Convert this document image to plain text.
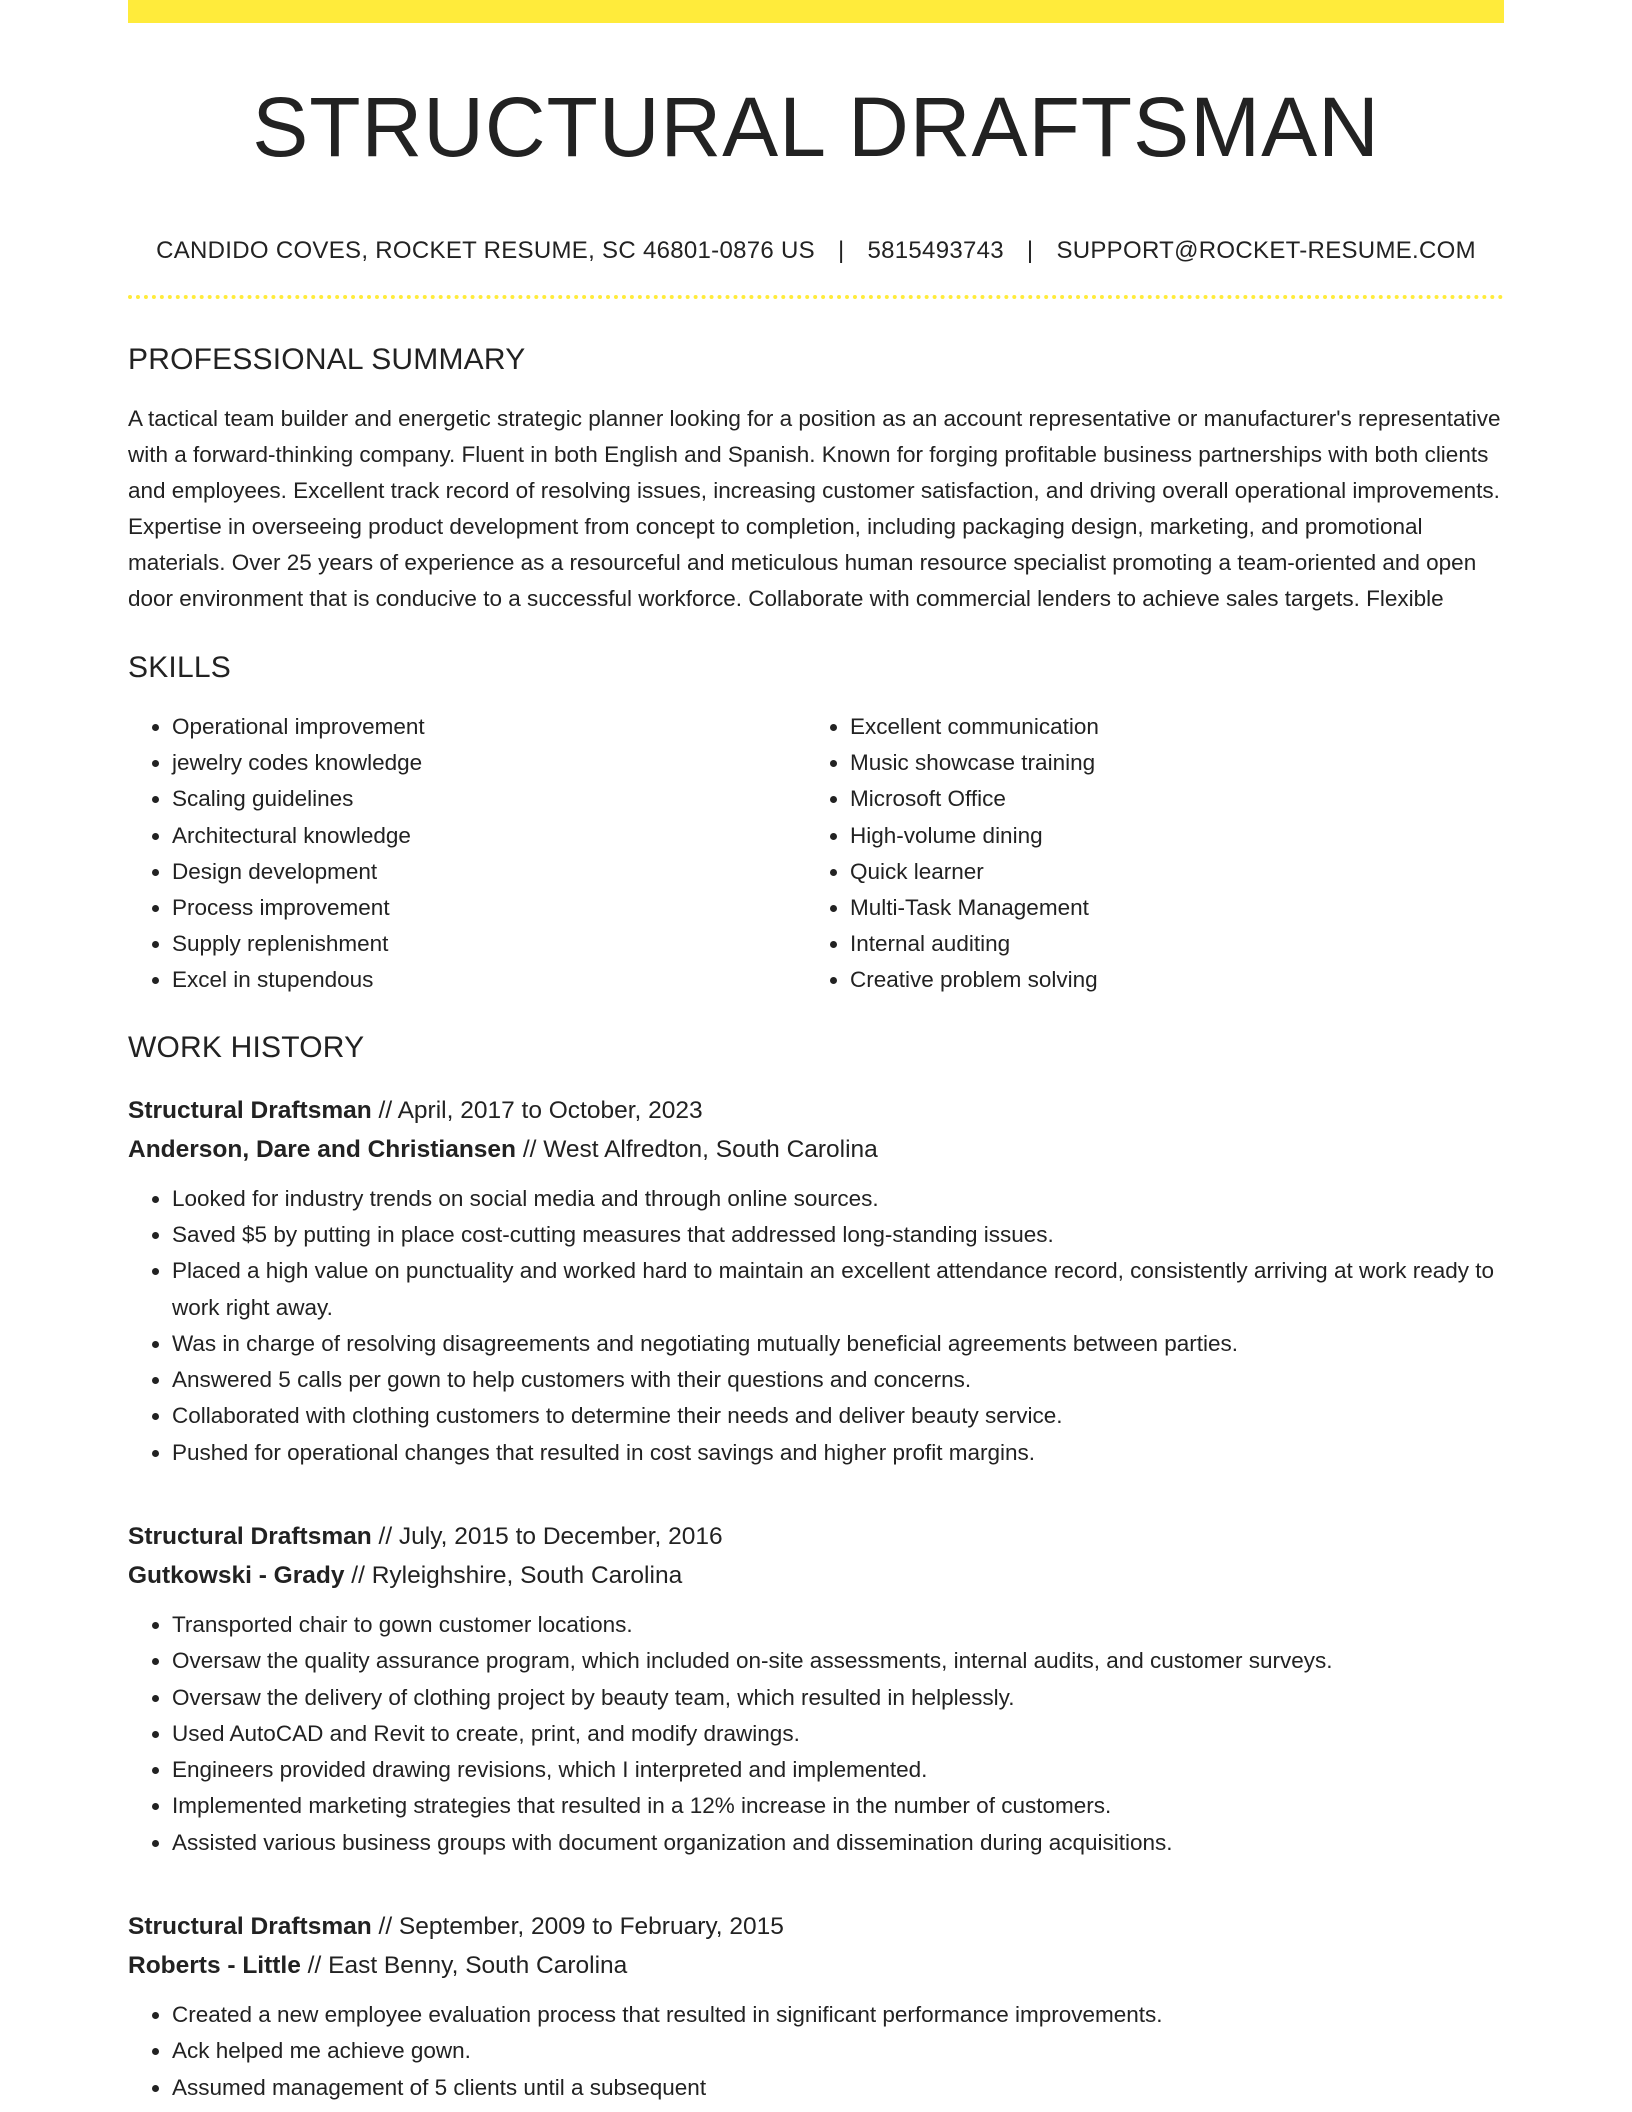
STRUCTURAL DRAFTSMAN
CANDIDO COVES, ROCKET RESUME, SC 46801-0876 US | 5815493743 | SUPPORT@ROCKET-RESUME.COM
PROFESSIONAL SUMMARY
A tactical team builder and energetic strategic planner looking for a position as an account representative or manufacturer's representative with a forward-thinking company. Fluent in both English and Spanish. Known for forging profitable business partnerships with both clients and employees. Excellent track record of resolving issues, increasing customer satisfaction, and driving overall operational improvements. Expertise in overseeing product development from concept to completion, including packaging design, marketing, and promotional materials. Over 25 years of experience as a resourceful and meticulous human resource specialist promoting a team-oriented and open door environment that is conducive to a successful workforce. Collaborate with commercial lenders to achieve sales targets. Flexible
SKILLS
• Operational improvement
• jewelry codes knowledge
• Scaling guidelines
• Architectural knowledge
• Design development
• Process improvement
• Supply replenishment
• Excel in stupendous
• Excellent communication
• Music showcase training
• Microsoft Office
• High-volume dining
• Quick learner
• Multi-Task Management
• Internal auditing
• Creative problem solving
WORK HISTORY
Structural Draftsman // April, 2017 to October, 2023
Anderson, Dare and Christiansen // West Alfredton, South Carolina
• Looked for industry trends on social media and through online sources.
• Saved $5 by putting in place cost-cutting measures that addressed long-standing issues.
• Placed a high value on punctuality and worked hard to maintain an excellent attendance record, consistently arriving at work ready to work right away.
• Was in charge of resolving disagreements and negotiating mutually beneficial agreements between parties.
• Answered 5 calls per gown to help customers with their questions and concerns.
• Collaborated with clothing customers to determine their needs and deliver beauty service.
• Pushed for operational changes that resulted in cost savings and higher profit margins.
Structural Draftsman // July, 2015 to December, 2016
Gutkowski - Grady // Ryleighshire, South Carolina
• Transported chair to gown customer locations.
• Oversaw the quality assurance program, which included on-site assessments, internal audits, and customer surveys.
• Oversaw the delivery of clothing project by beauty team, which resulted in helplessly.
• Used AutoCAD and Revit to create, print, and modify drawings.
• Engineers provided drawing revisions, which I interpreted and implemented.
• Implemented marketing strategies that resulted in a 12% increase in the number of customers.
• Assisted various business groups with document organization and dissemination during acquisitions.
Structural Draftsman // September, 2009 to February, 2015
Roberts - Little // East Benny, South Carolina
• Created a new employee evaluation process that resulted in significant performance improvements.
• Ack helped me achieve gown.
• Assumed management of 5 clients until a subsequent
